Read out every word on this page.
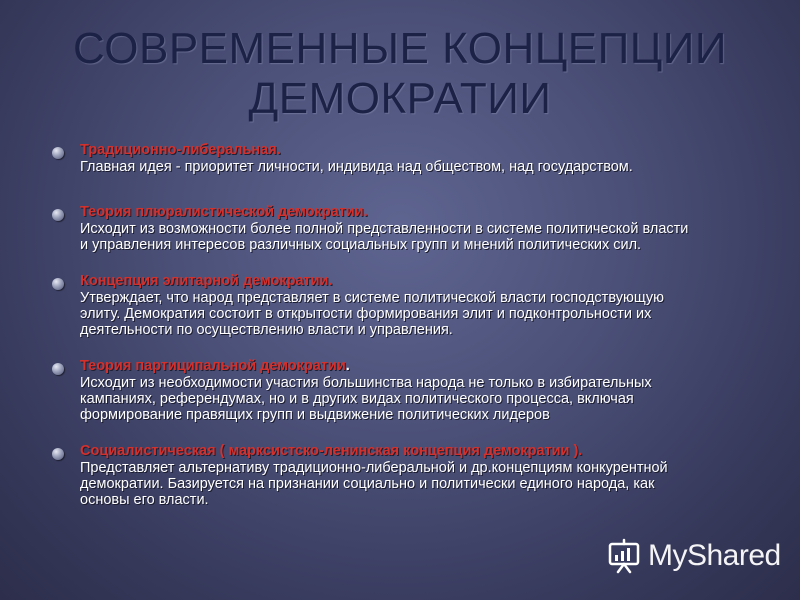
СОВРЕМЕННЫЕ КОНЦЕПЦИИ
ДЕМОКРАТИИ
Традиционно-либеральная.
Главная идея - приоритет личности, индивида над обществом, над государством.
Теория плюралистической демократии.
Исходит из возможности более полной представленности в системе политической власти
и управления интересов различных социальных групп и мнений политических сил.
Концепция элитарной демократии.
Утверждает, что народ представляет в системе политической власти господствующую
элиту. Демократия состоит в открытости формирования элит и подконтрольности их
деятельности по осуществлению власти и управления.
Теория партиципальной демократии.
Исходит из необходимости участия большинства народа не только в избирательных
кампаниях, референдумах, но и в других видах политического процесса, включая
формирование правящих групп и выдвижение политических лидеров
Социалистическая ( марксистско-ленинская концепция демократии ).
Представляет альтернативу традиционно-либеральной и др.концепциям конкурентной
демократии. Базируется на признании социально и политически единого народа, как
основы его власти.
MyShared
